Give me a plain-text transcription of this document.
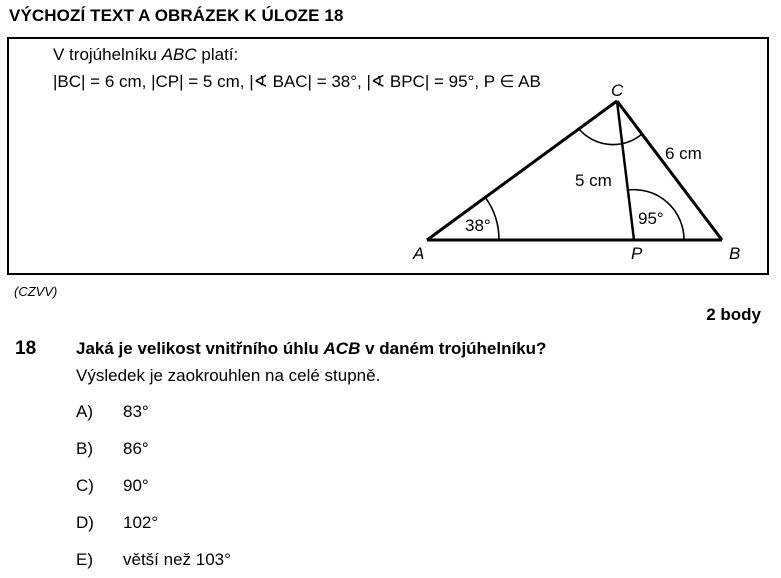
VÝCHOZÍ TEXT A OBRÁZEK K ÚLOZE 18
V trojúhelníku ABC platí:
|BC| = 6 cm, |CP| = 5 cm, |∢ BAC| = 38°, |∢ BPC| = 95°, P ∈ AB
A	B
C
P
6 cm
5 cm
38°	95°
(CZVV)
2 body
18 Jaká je velikost vnitřního úhlu ACB v daném trojúhelníku?
Výsledek je zaokrouhlen na celé stupně.
A) 83°
B) 86°
C) 90°
D) 102°
E) větší než 103°
